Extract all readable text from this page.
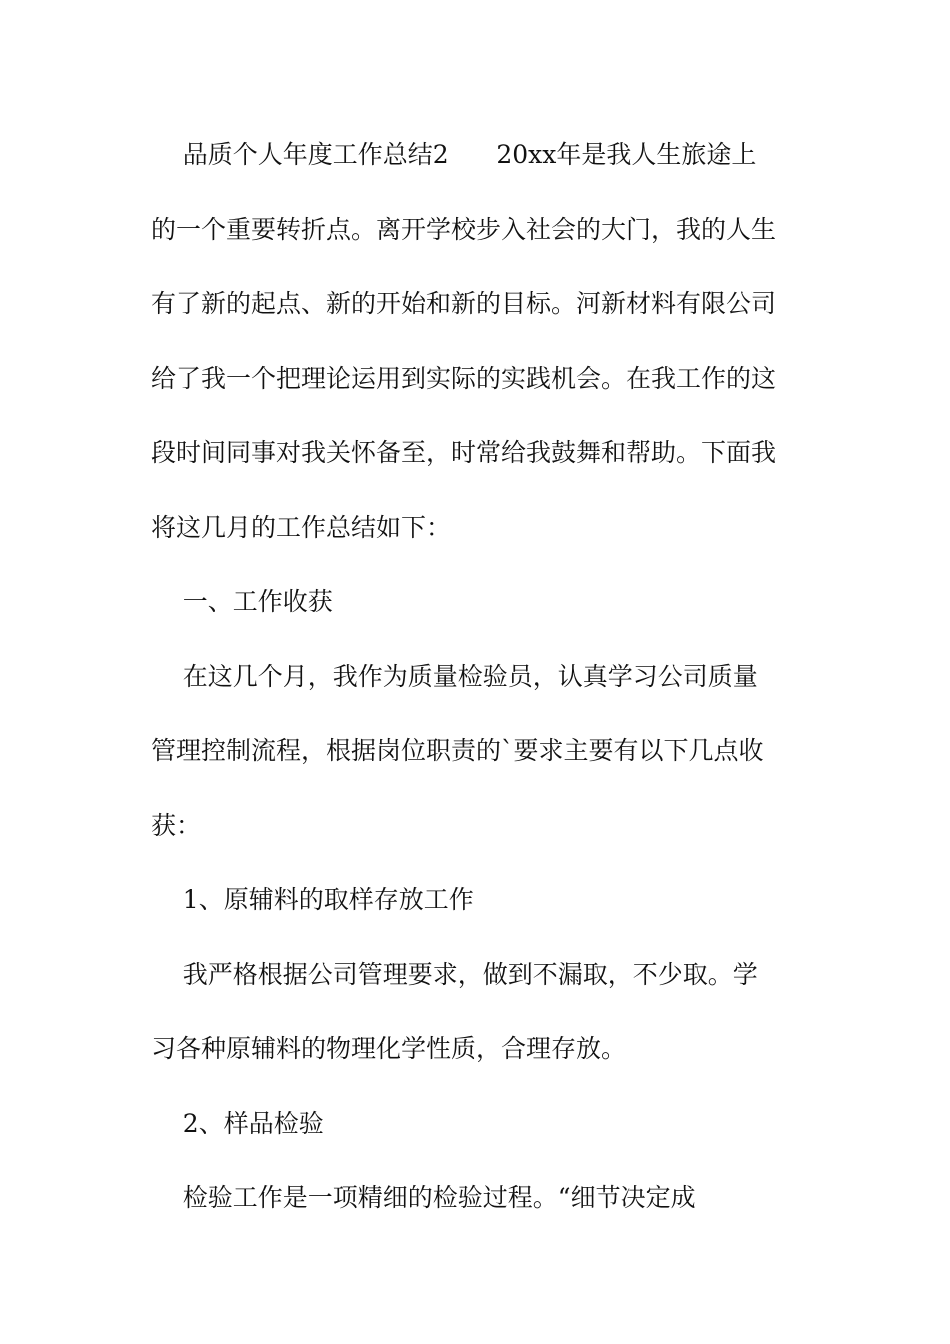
品质个人年度工作总结2      20xx年是我人生旅途上

的一个重要转折点。离开学校步入社会的大门，我的人生

有了新的起点、新的开始和新的目标。河新材料有限公司

给了我一个把理论运用到实际的实践机会。在我工作的这

段时间同事对我关怀备至，时常给我鼓舞和帮助。下面我

将这几月的工作总结如下：

一、工作收获

在这几个月，我作为质量检验员，认真学习公司质量

管理控制流程，根据岗位职责的`要求主要有以下几点收

获：

1、原辅料的取样存放工作

我严格根据公司管理要求，做到不漏取，不少取。学

习各种原辅料的物理化学性质，合理存放。

2、样品检验

检验工作是一项精细的检验过程。“细节决定成
